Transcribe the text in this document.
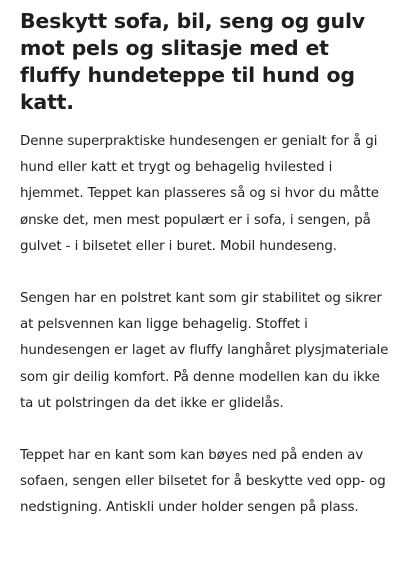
Beskytt sofa, bil, seng og gulv mot pels og slitasje med et fluffy hundeteppe til hund og katt.

Denne superpraktiske hundesengen er genialt for å gi hund eller katt et trygt og behagelig hvilested i hjemmet. Teppet kan plasseres så og si hvor du måtte ønske det, men mest populært er i sofa, i sengen, på gulvet - i bilsetet eller i buret. Mobil hundeseng.

Sengen har en polstret kant som gir stabilitet og sikrer at pelsvennen kan ligge behagelig. Stoffet i hundesengen er laget av fluffy langhåret plysjmateriale som gir deilig komfort. På denne modellen kan du ikke ta ut polstringen da det ikke er glidelås.

Teppet har en kant som kan bøyes ned på enden av sofaen, sengen eller bilsetet for å beskytte ved opp- og nedstigning. Antiskli under holder sengen på plass.
